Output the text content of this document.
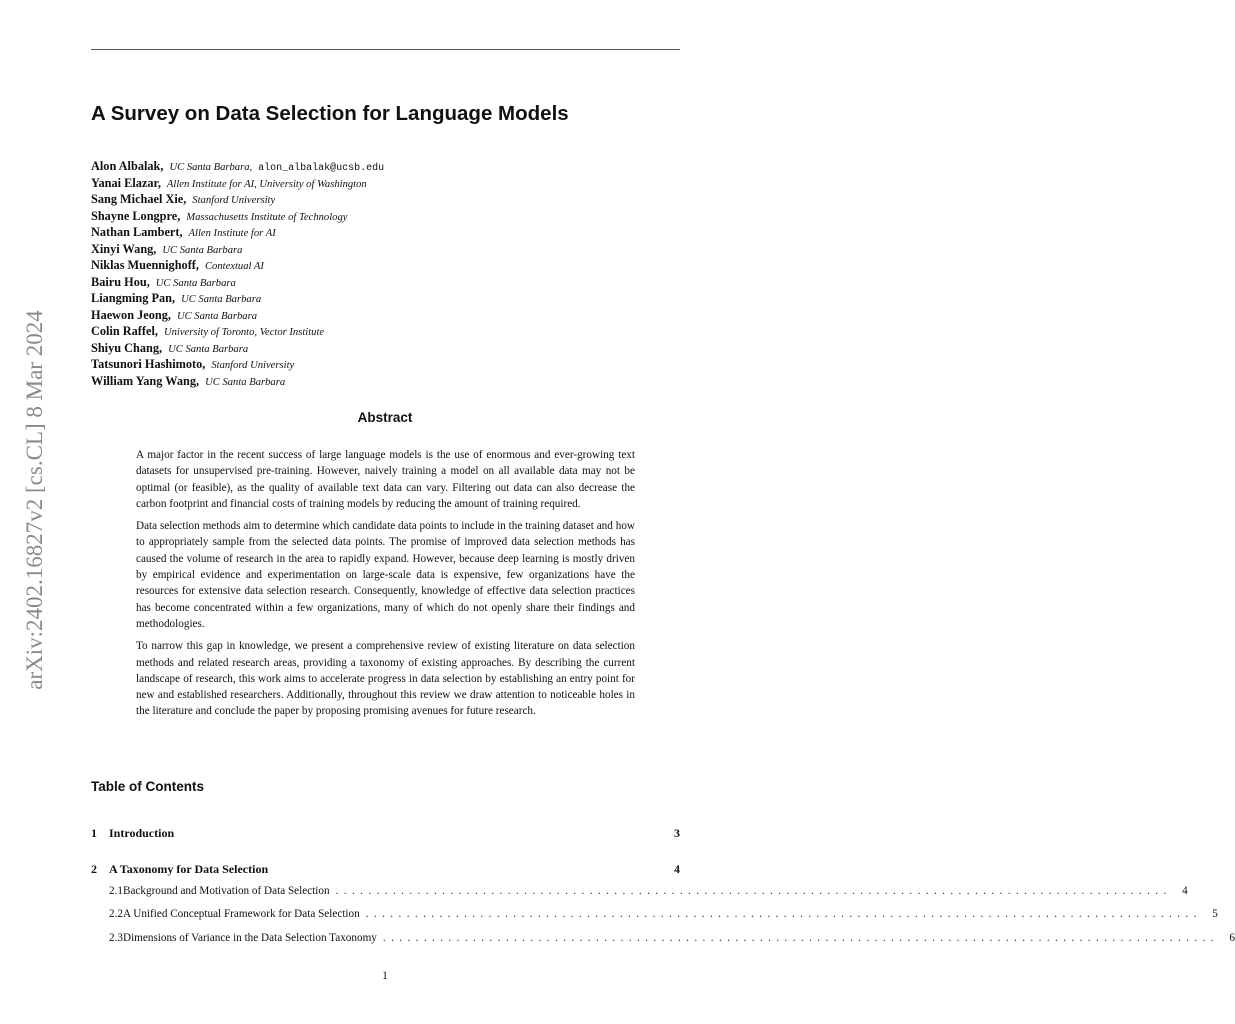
arXiv:2402.16827v2 [cs.CL] 8 Mar 2024
A Survey on Data Selection for Language Models
Alon Albalak, UC Santa Barbara, alon_albalak@ucsb.edu
Yanai Elazar, Allen Institute for AI, University of Washington
Sang Michael Xie, Stanford University
Shayne Longpre, Massachusetts Institute of Technology
Nathan Lambert, Allen Institute for AI
Xinyi Wang, UC Santa Barbara
Niklas Muennighoff, Contextual AI
Bairu Hou, UC Santa Barbara
Liangming Pan, UC Santa Barbara
Haewon Jeong, UC Santa Barbara
Colin Raffel, University of Toronto, Vector Institute
Shiyu Chang, UC Santa Barbara
Tatsunori Hashimoto, Stanford University
William Yang Wang, UC Santa Barbara
Abstract

A major factor in the recent success of large language models is the use of enormous and ever-growing text datasets for unsupervised pre-training. However, naively training a model on all available data may not be optimal (or feasible), as the quality of available text data can vary. Filtering out data can also decrease the carbon footprint and financial costs of training models by reducing the amount of training required.

Data selection methods aim to determine which candidate data points to include in the training dataset and how to appropriately sample from the selected data points. The promise of improved data selection methods has caused the volume of research in the area to rapidly expand. However, because deep learning is mostly driven by empirical evidence and experimentation on large-scale data is expensive, few organizations have the resources for extensive data selection research. Consequently, knowledge of effective data selection practices has become concentrated within a few organizations, many of which do not openly share their findings and methodologies.

To narrow this gap in knowledge, we present a comprehensive review of existing literature on data selection methods and related research areas, providing a taxonomy of existing approaches. By describing the current landscape of research, this work aims to accelerate progress in data selection by establishing an entry point for new and established researchers. Additionally, throughout this review we draw attention to noticeable holes in the literature and conclude the paper by proposing promising avenues for future research.

Table of Contents
1	Introduction	3
2	A Taxonomy for Data Selection	4
2.1 Background and Motivation of Data Selection ...................................................................................................... 4
2.2 A Unified Conceptual Framework for Data Selection ...................................................................................................... 5
2.3 Dimensions of Variance in the Data Selection Taxonomy ...................................................................................................... 6
1
